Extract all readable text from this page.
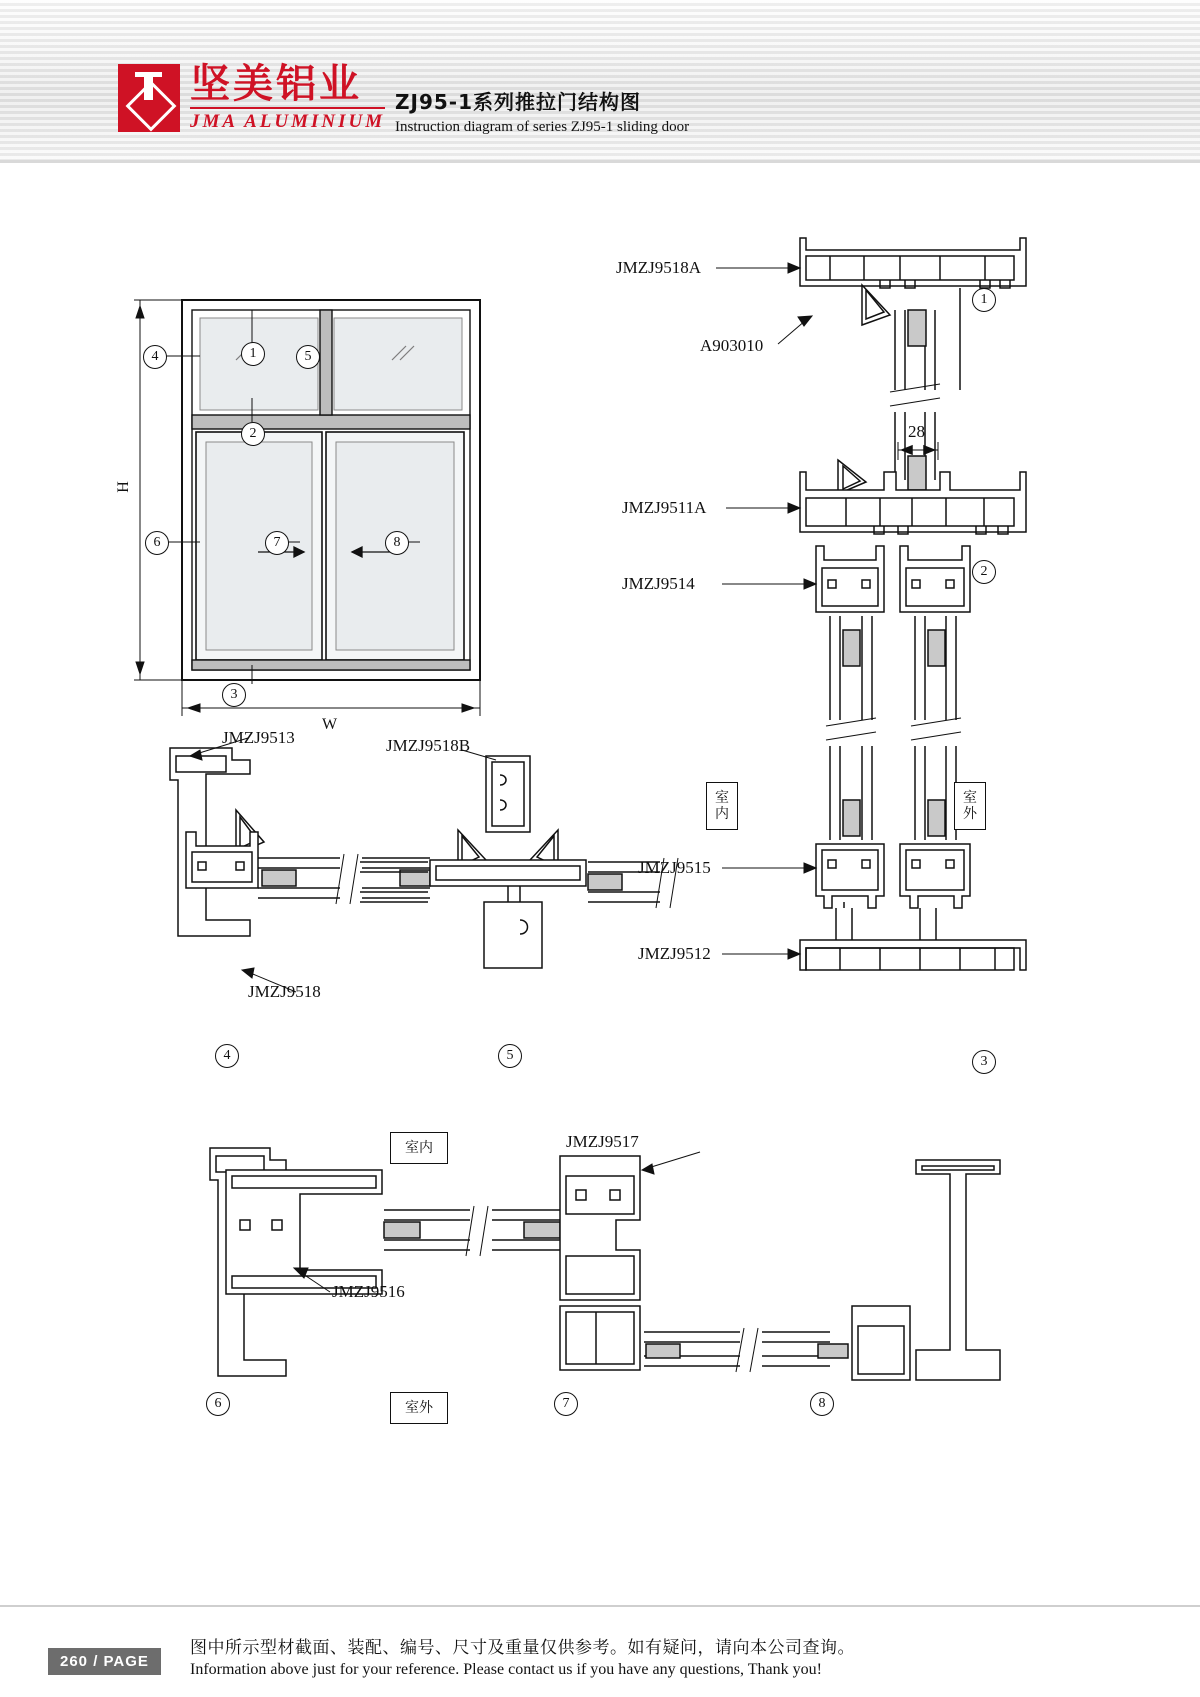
坚美铝业
JMA ALUMINIUM
ZJ95-1系列推拉门结构图
Instruction diagram of series ZJ95-1 sliding door
1
4	5
2
6	7	8
3
H
W
JMZJ9518A
A903010
JMZJ9511A
JMZJ9514
JMZJ9515
JMZJ9512
28
1
2
3
室内
室外
JMZJ9513
JMZJ9518
JMZJ9518B
4	5
室内
室外
JMZJ9517
JMZJ9516
6	7	8
260 / PAGE
图中所示型材截面、装配、编号、尺寸及重量仅供参考。如有疑问，请向本公司查询。
Information above just for your reference. Please contact us if you have any questions, Thank you!
